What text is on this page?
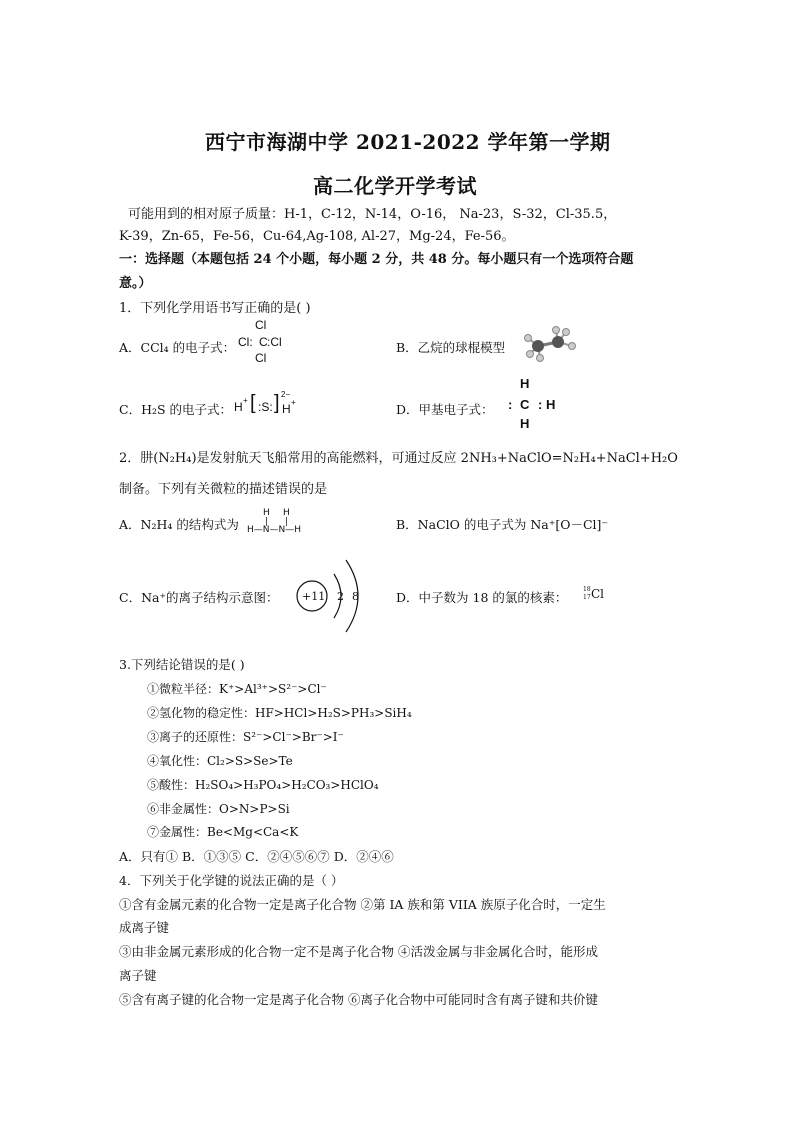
西宁市海湖中学 2021-2022 学年第一学期
高二化学开学考试
可能用到的相对原子质量：H-1，C-12，N-14，O-16， Na-23，S-32，Cl-35.5，
K-39，Zn-65，Fe-56，Cu-64,Ag-108, Al-27，Mg-24，Fe-56。
一：选择题（本题包括 24 个小题，每小题 2 分，共 48 分。每小题只有一个选项符合题
意。）
1．下列化学用语书写正确的是( )
A．CCl₄ 的电子式：
Cl
Cl: C :Cl
Cl
B．乙烷的球棍模型
C．H₂S 的电子式： H + [ :S: ] 2−
H +	D．甲基电子式：
H
: C : H
H
2．肼(N₂H₄)是发射航天飞船常用的高能燃料，可通过反应 2NH₃+NaClO=N₂H₄+NaCl+H₂O
制备。下列有关微粒的描述错误的是
A．N₂H₄ 的结构式为
H H
| |
H—N—N—H	B．NaClO 的电子式为 Na⁺[O－Cl]⁻
C．Na⁺的离子结构示意图： +11 2 8	D．中子数为 18 的氯的核素：
18
17 Cl
3.下列结论错误的是( )
①微粒半径：K⁺>Al³⁺>S²⁻>Cl⁻
②氢化物的稳定性：HF>HCl>H₂S>PH₃>SiH₄
③离子的还原性：S²⁻>Cl⁻>Br⁻>I⁻
④氧化性：Cl₂>S>Se>Te
⑤酸性：H₂SO₄>H₃PO₄>H₂CO₃>HClO₄
⑥非金属性：O>N>P>Si
⑦金属性：Be<Mg<Ca<K
A．只有① B．①③⑤ C．②④⑤⑥⑦ D．②④⑥
4．下列关于化学键的说法正确的是（ ）
①含有金属元素的化合物一定是离子化合物 ②第 IA 族和第 VIIA 族原子化合时，一定生
成离子键
③由非金属元素形成的化合物一定不是离子化合物 ④活泼金属与非金属化合时，能形成
离子键
⑤含有离子键的化合物一定是离子化合物 ⑥离子化合物中可能同时含有离子键和共价键
